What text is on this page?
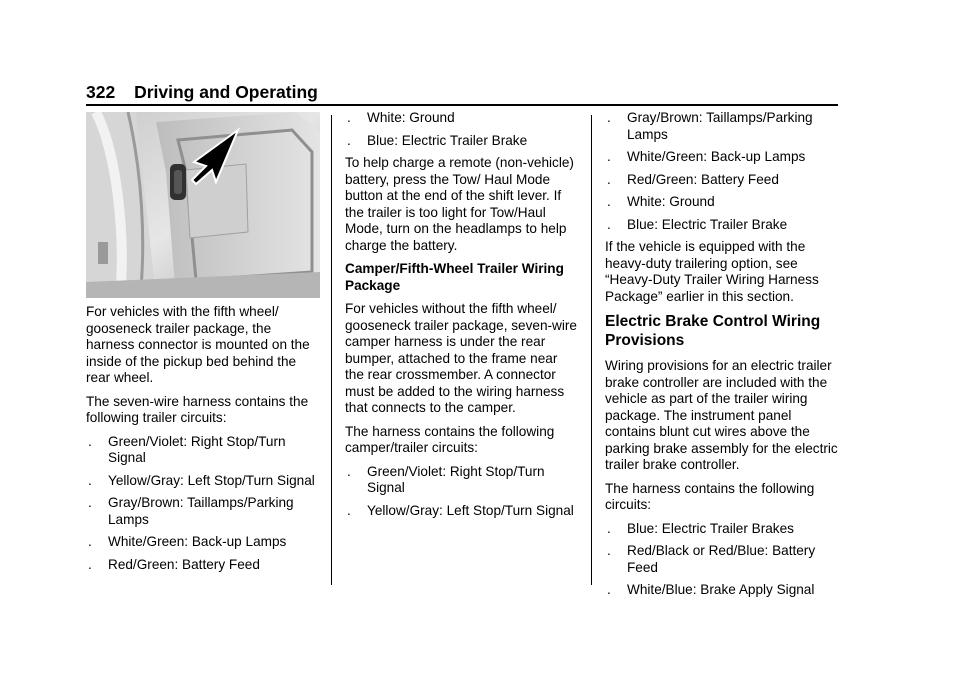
322 Driving and Operating

For vehicles with the fifth wheel/ gooseneck trailer package, the harness connector is mounted on the inside of the pickup bed behind the rear wheel.

The seven-wire harness contains the following trailer circuits:

. Green/Violet: Right Stop/Turn Signal
. Yellow/Gray: Left Stop/Turn Signal
. Gray/Brown: Taillamps/Parking Lamps
. White/Green: Back-up Lamps
. Red/Green: Battery Feed
. White: Ground
. Blue: Electric Trailer Brake

To help charge a remote (non-vehicle) battery, press the Tow/ Haul Mode button at the end of the shift lever. If the trailer is too light for Tow/Haul Mode, turn on the headlamps to help charge the battery.

Camper/Fifth-Wheel Trailer Wiring Package

For vehicles without the fifth wheel/ gooseneck trailer package, seven-wire camper harness is under the rear bumper, attached to the frame near the rear crossmember. A connector must be added to the wiring harness that connects to the camper.

The harness contains the following camper/trailer circuits:

. Green/Violet: Right Stop/Turn Signal
. Yellow/Gray: Left Stop/Turn Signal
. Gray/Brown: Taillamps/Parking Lamps
. White/Green: Back-up Lamps
. Red/Green: Battery Feed
. White: Ground
. Blue: Electric Trailer Brake

If the vehicle is equipped with the heavy-duty trailering option, see “Heavy-Duty Trailer Wiring Harness Package” earlier in this section.

Electric Brake Control Wiring Provisions

Wiring provisions for an electric trailer brake controller are included with the vehicle as part of the trailer wiring package. The instrument panel contains blunt cut wires above the parking brake assembly for the electric trailer brake controller.

The harness contains the following circuits:

. Blue: Electric Trailer Brakes
. Red/Black or Red/Blue: Battery Feed
. White/Blue: Brake Apply Signal
